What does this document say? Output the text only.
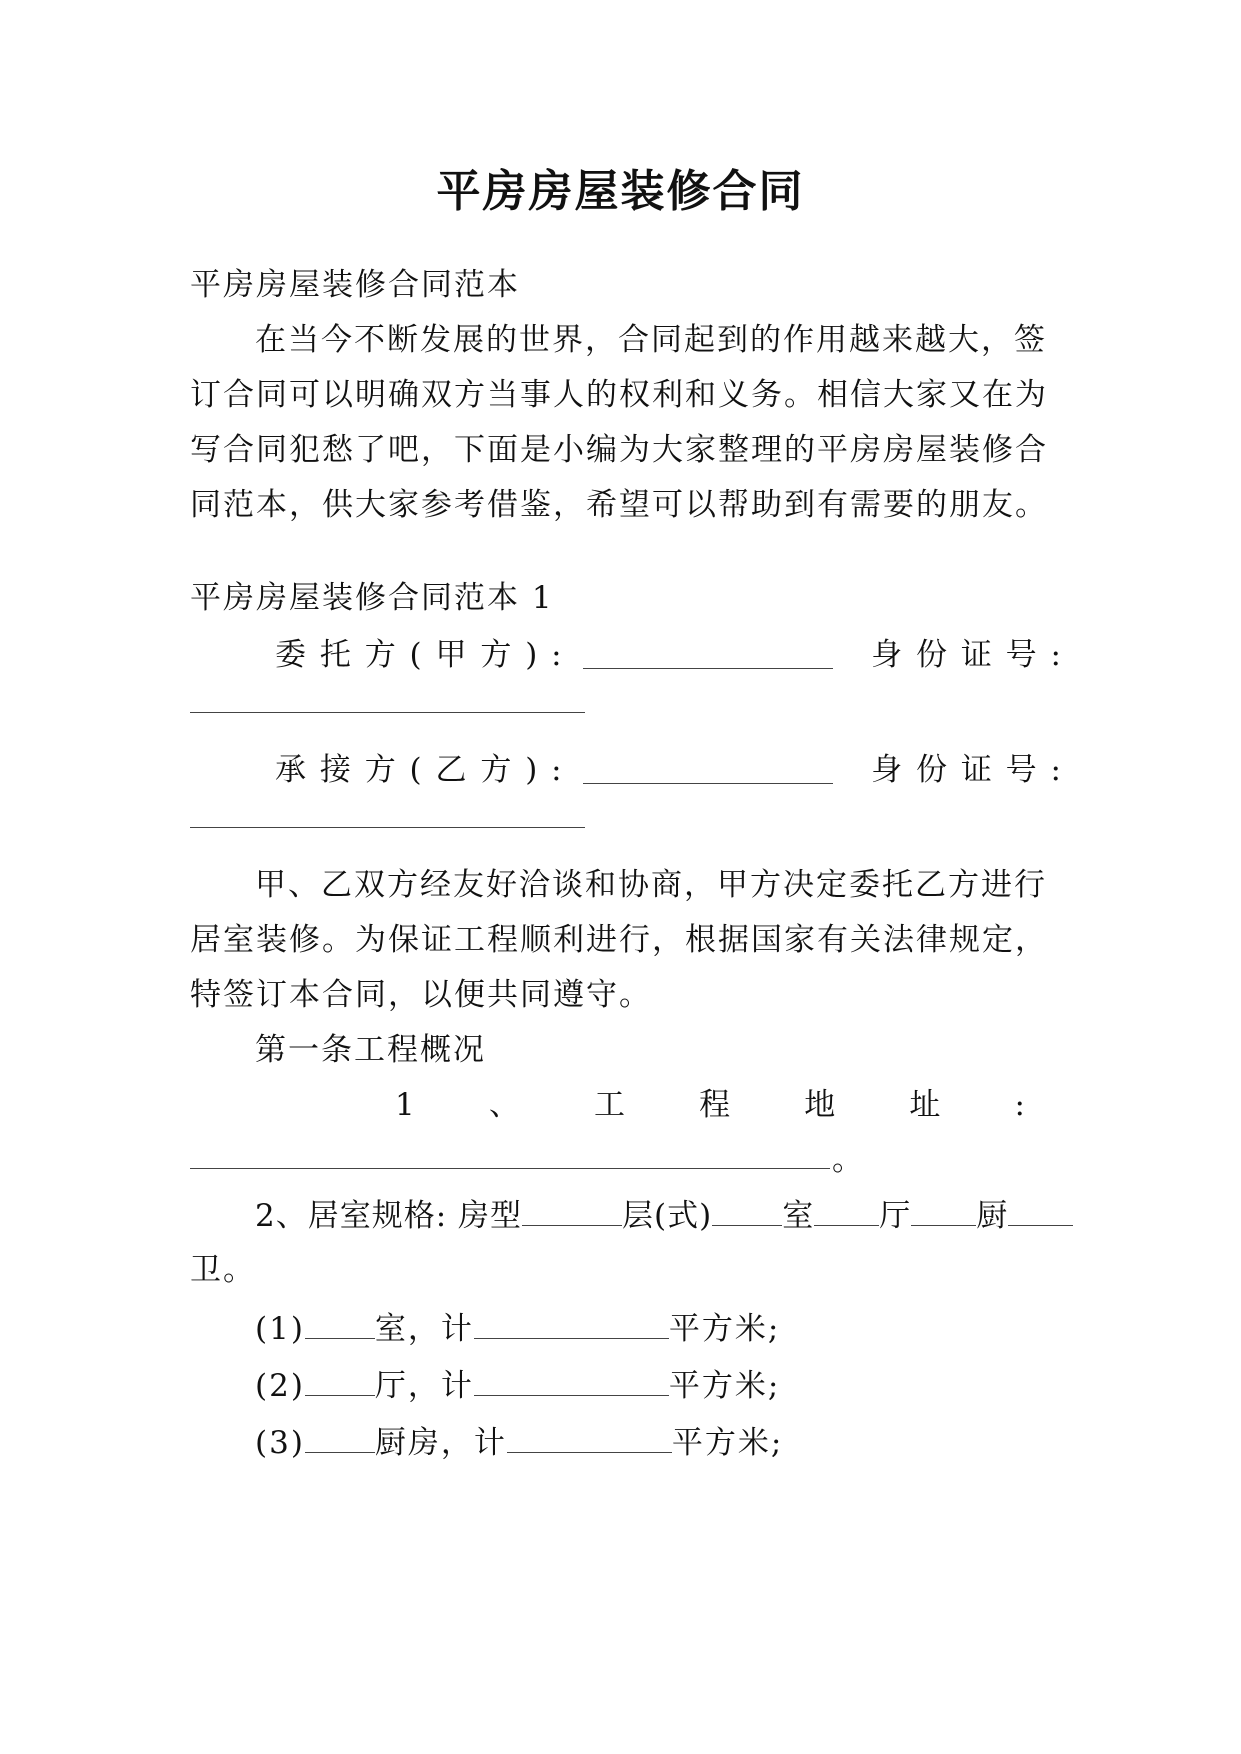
平房房屋装修合同
平房房屋装修合同范本
在当今不断发展的世界，合同起到的作用越来越大，签
订合同可以明确双方当事人的权利和义务。相信大家又在为
写合同犯愁了吧，下面是小编为大家整理的平房房屋装修合
同范本，供大家参考借鉴，希望可以帮助到有需要的朋友。
平房房屋装修合同范本 1
委 托 方 ( 甲 方 ) :	身 份 证 号 :
承 接 方 ( 乙 方 ) :	身 份 证 号 :
甲、乙双方经友好洽谈和协商，甲方决定委托乙方进行
居室装修。为保证工程顺利进行，根据国家有关法律规定，
特签订本合同，以便共同遵守。
第一条工程概况
1 、 工 程 地 址 :
。
2、居室规格: 房型	层(式) 室 厅 厨
卫。
(1) 室，计	平方米;
(2) 厅，计	平方米;
(3) 厨房，计	平方米;
